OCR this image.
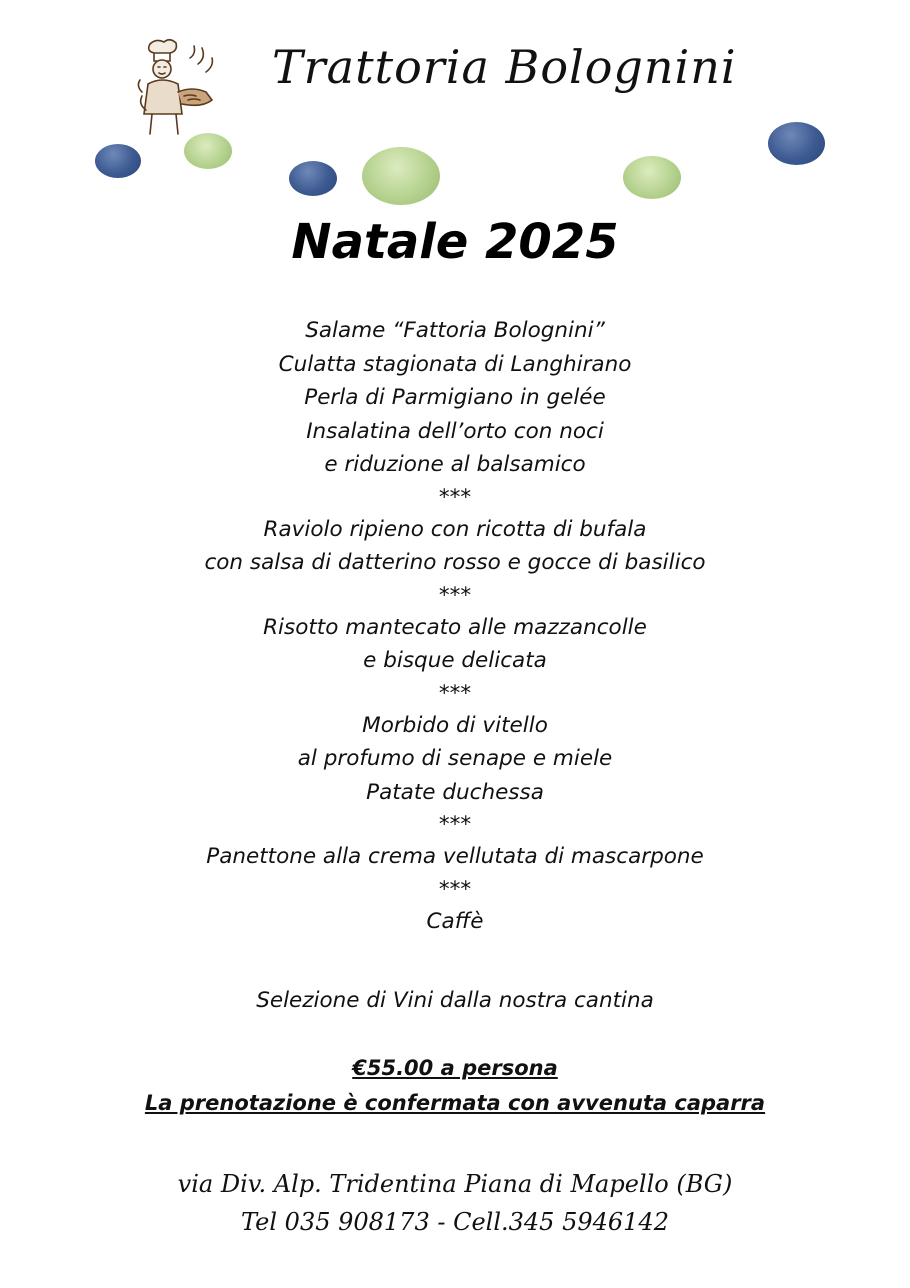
Trattoria Bolognini
Natale 2025
Salame “Fattoria Bolognini”
Culatta stagionata di Langhirano
Perla di Parmigiano in gelée
Insalatina dell’orto con noci
e riduzione al balsamico
***
Raviolo ripieno con ricotta di bufala
con salsa di datterino rosso e gocce di basilico
***
Risotto mantecato alle mazzancolle
e bisque delicata
***
Morbido di vitello
al profumo di senape e miele
Patate duchessa
***
Panettone alla crema vellutata di mascarpone
***
Caffè
Selezione di Vini dalla nostra cantina
€55.00 a persona
La prenotazione è confermata con avvenuta caparra
via Div. Alp. Tridentina Piana di Mapello (BG)
Tel 035 908173 - Cell.345 5946142
